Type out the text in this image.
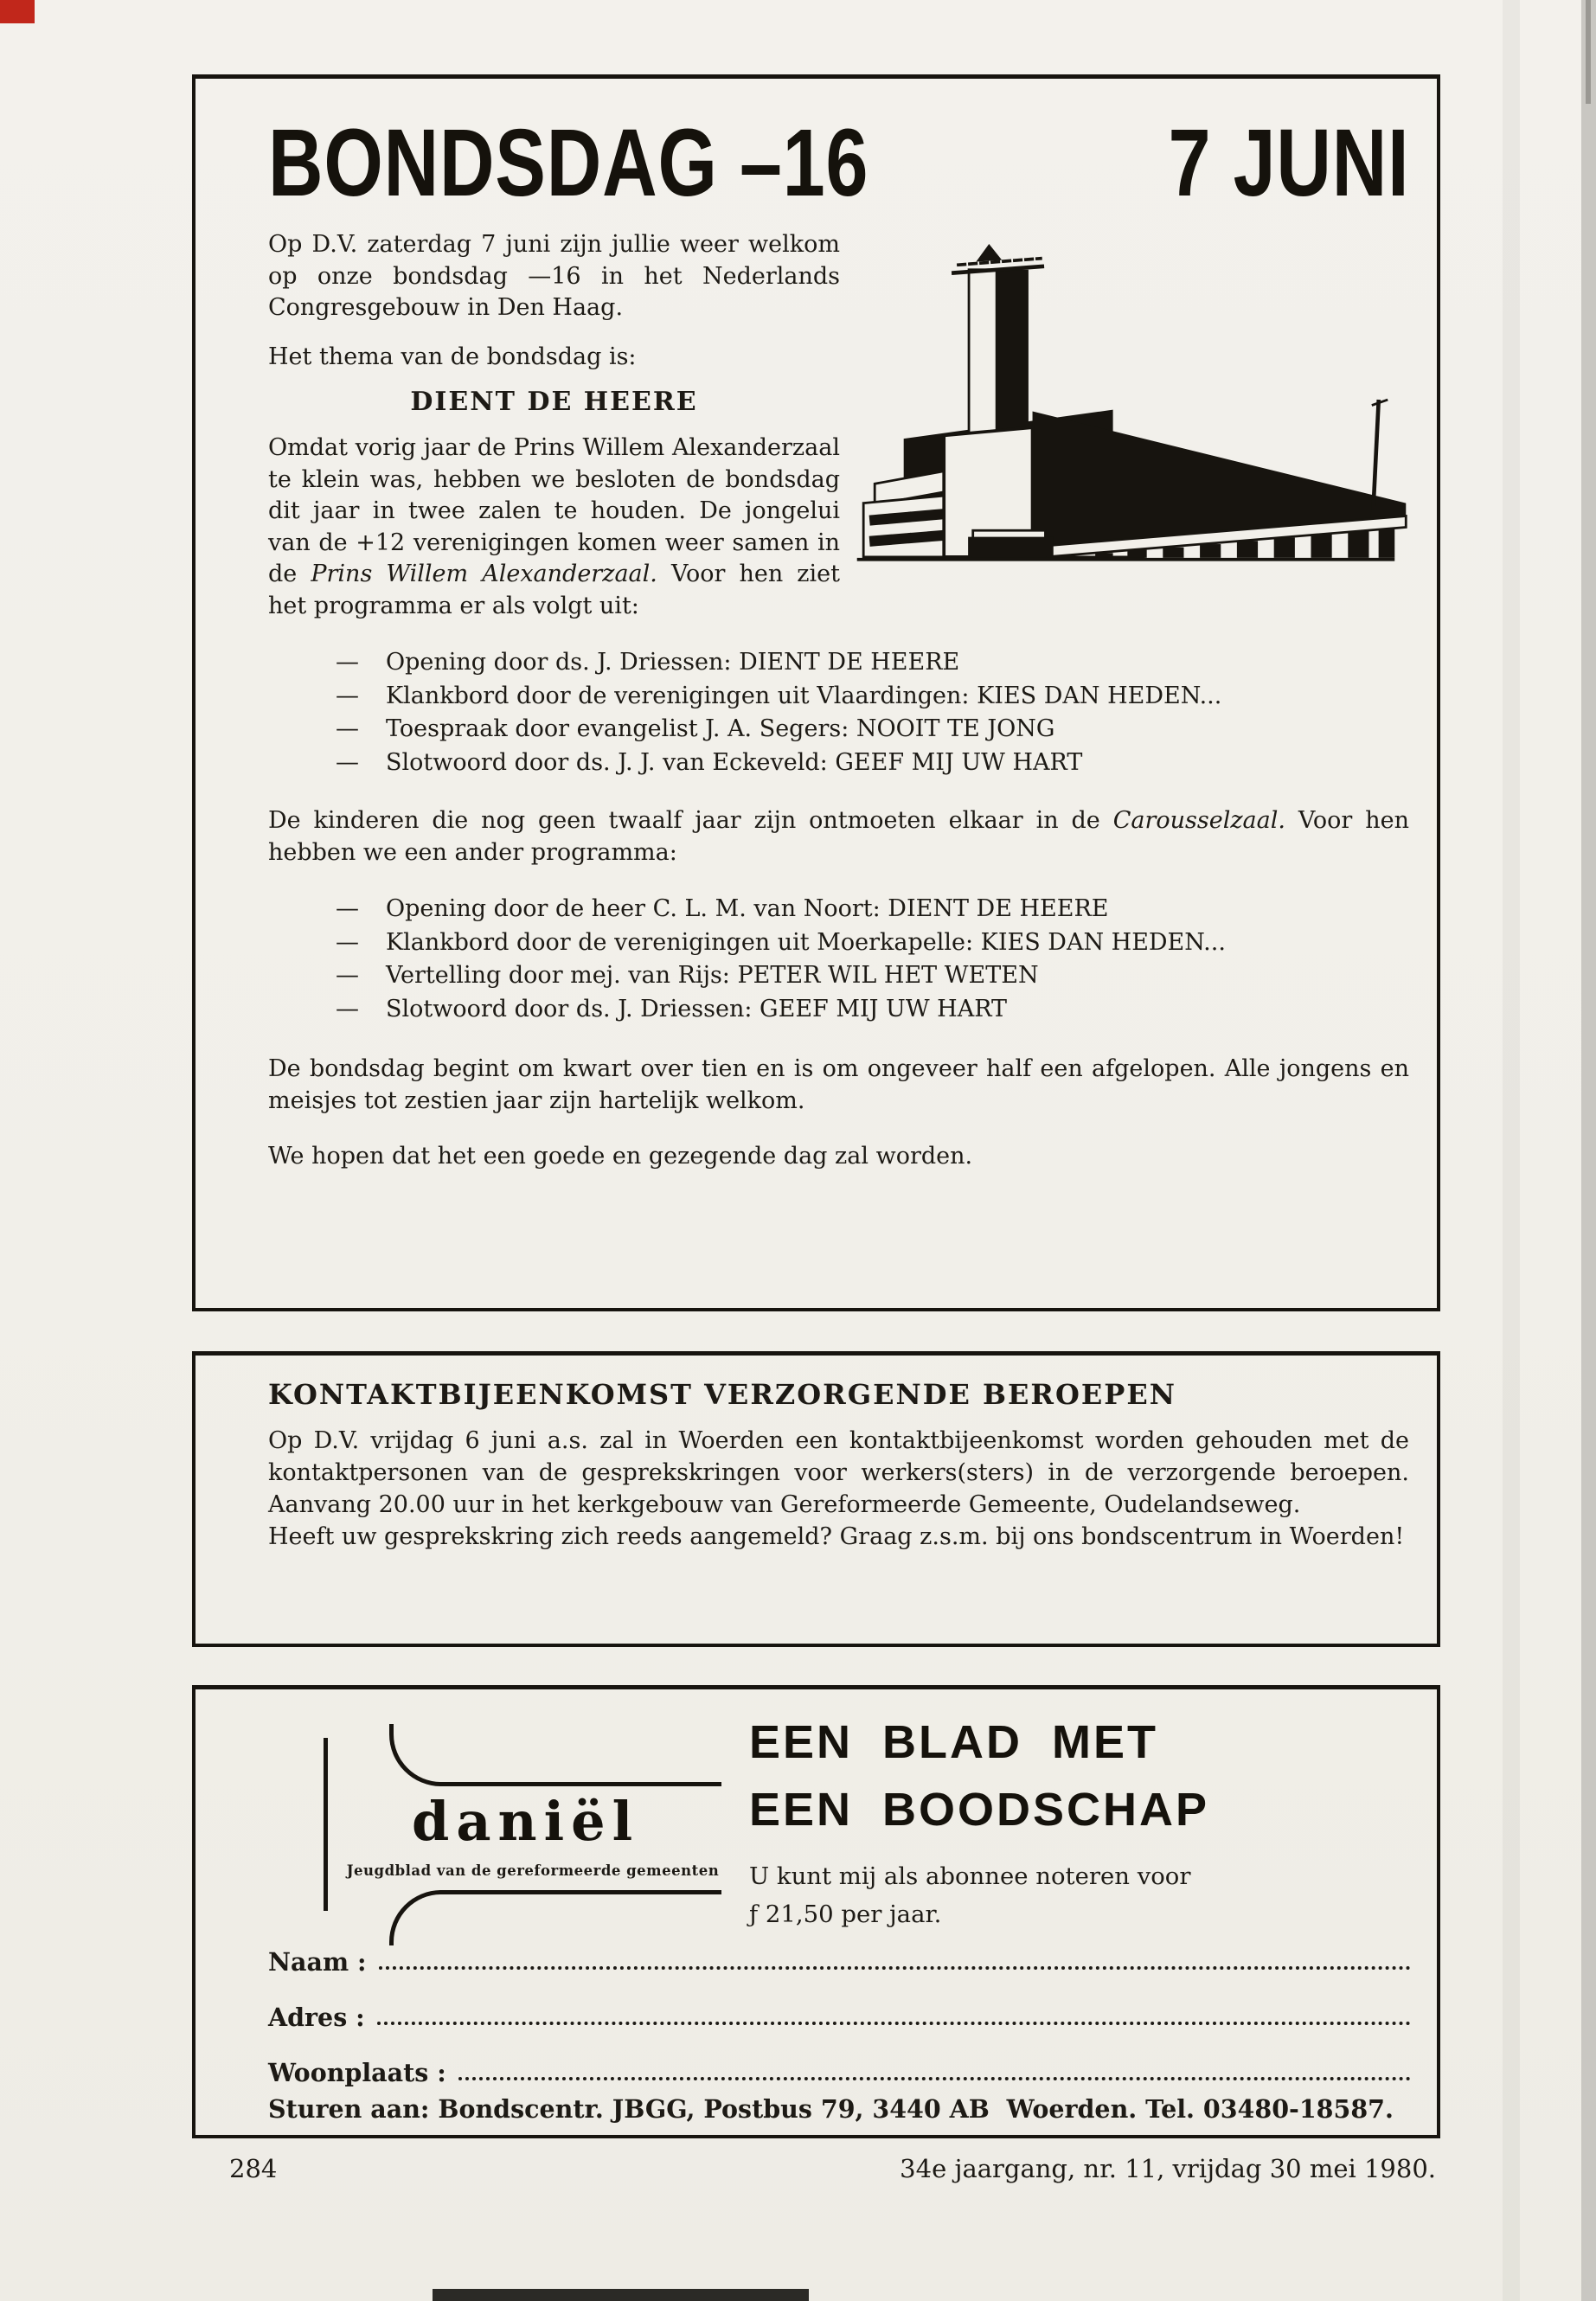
BONDSDAG –16	7 JUNI

Op D.V. zaterdag 7 juni zijn jullie weer welkom op onze bondsdag —16 in het Nederlands Congresgebouw in Den Haag.

Het thema van de bondsdag is:

DIENT DE HEERE

Omdat vorig jaar de Prins Willem Alexanderzaal te klein was, hebben we besloten de bondsdag dit jaar in twee zalen te houden. De jongelui van de +12 verenigingen komen weer samen in de Prins Willem Alexanderzaal. Voor hen ziet het programma er als volgt uit:

—	Opening door ds. J. Driessen: DIENT DE HEERE
—	Klankbord door de verenigingen uit Vlaardingen: KIES DAN HEDEN...
—	Toespraak door evangelist J. A. Segers: NOOIT TE JONG
—	Slotwoord door ds. J. J. van Eckeveld: GEEF MIJ UW HART

De kinderen die nog geen twaalf jaar zijn ontmoeten elkaar in de Carousselzaal. Voor hen hebben we een ander programma:

—	Opening door de heer C. L. M. van Noort: DIENT DE HEERE
—	Klankbord door de verenigingen uit Moerkapelle: KIES DAN HEDEN...
—	Vertelling door mej. van Rijs: PETER WIL HET WETEN
—	Slotwoord door ds. J. Driessen: GEEF MIJ UW HART

De bondsdag begint om kwart over tien en is om ongeveer half een afgelopen. Alle jongens en meisjes tot zestien jaar zijn hartelijk welkom.

We hopen dat het een goede en gezegende dag zal worden.

KONTAKTBIJEENKOMST VERZORGENDE BEROEPEN

Op D.V. vrijdag 6 juni a.s. zal in Woerden een kontaktbijeenkomst worden gehouden met de kontaktpersonen van de gesprekskringen voor werkers(sters) in de verzorgende beroepen. Aanvang 20.00 uur in het kerkgebouw van Gereformeerde Gemeente, Oudelandseweg.

Heeft uw gesprekskring zich reeds aangemeld? Graag z.s.m. bij ons bondscentrum in Woerden!

daniël
Jeugdblad van de gereformeerde gemeenten
EEN BLAD MET
EEN BOODSCHAP
U kunt mij als abonnee noteren voor
ƒ 21,50 per jaar.
Naam :
Adres :
Woonplaats :
Sturen aan: Bondscentr. JBGG, Postbus 79, 3440 AB  Woerden. Tel. 03480-18587.
284	34e jaargang, nr. 11, vrijdag 30 mei 1980.
